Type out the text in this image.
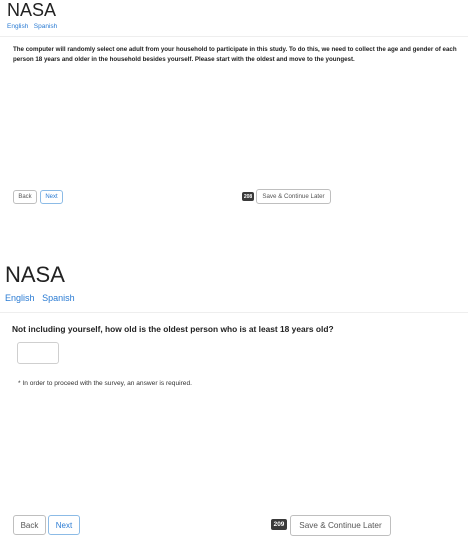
NASA
English Spanish
The computer will randomly select one adult from your household to participate in this study. To do this, we need to collect the age and gender of each person 18 years and older in the household besides yourself. Please start with the oldest and move to the youngest.
Back	Next	208	Save & Continue Later
NASA
English Spanish
Not including yourself, how old is the oldest person who is at least 18 years old?
* In order to proceed with the survey, an answer is required.
Back	Next	209	Save & Continue Later
